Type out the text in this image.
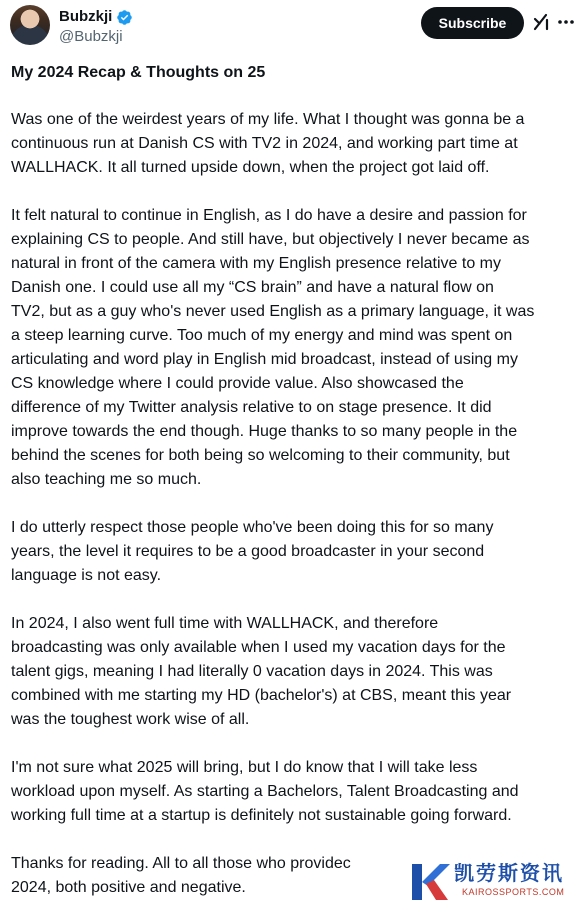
Bubzkji
@Bubzkji
Subscribe
My 2024 Recap & Thoughts on 25
Was one of the weirdest years of my life. What I thought was gonna be a
continuous run at Danish CS with TV2 in 2024, and working part time at
WALLHACK. It all turned upside down, when the project got laid off.
It felt natural to continue in English, as I do have a desire and passion for
explaining CS to people. And still have, but objectively I never became as
natural in front of the camera with my English presence relative to my
Danish one. I could use all my “CS brain” and have a natural flow on
TV2, but as a guy who's never used English as a primary language, it was
a steep learning curve. Too much of my energy and mind was spent on
articulating and word play in English mid broadcast, instead of using my
CS knowledge where I could provide value. Also showcased the
difference of my Twitter analysis relative to on stage presence. It did
improve towards the end though. Huge thanks to so many people in the
behind the scenes for both being so welcoming to their community, but
also teaching me so much.
I do utterly respect those people who've been doing this for so many
years, the level it requires to be a good broadcaster in your second
language is not easy.
In 2024, I also went full time with WALLHACK, and therefore
broadcasting was only available when I used my vacation days for the
talent gigs, meaning I had literally 0 vacation days in 2024. This was
combined with me starting my HD (bachelor's) at CBS, meant this year
was the toughest work wise of all.
I'm not sure what 2025 will bring, but I do know that I will take less
workload upon myself. As starting a Bachelors, Talent Broadcasting and
working full time at a startup is definitely not sustainable going forward.
Thanks for reading. All to all those who providec
2024, both positive and negative.
凯劳斯资讯
KAIROSSPORTS.COM
